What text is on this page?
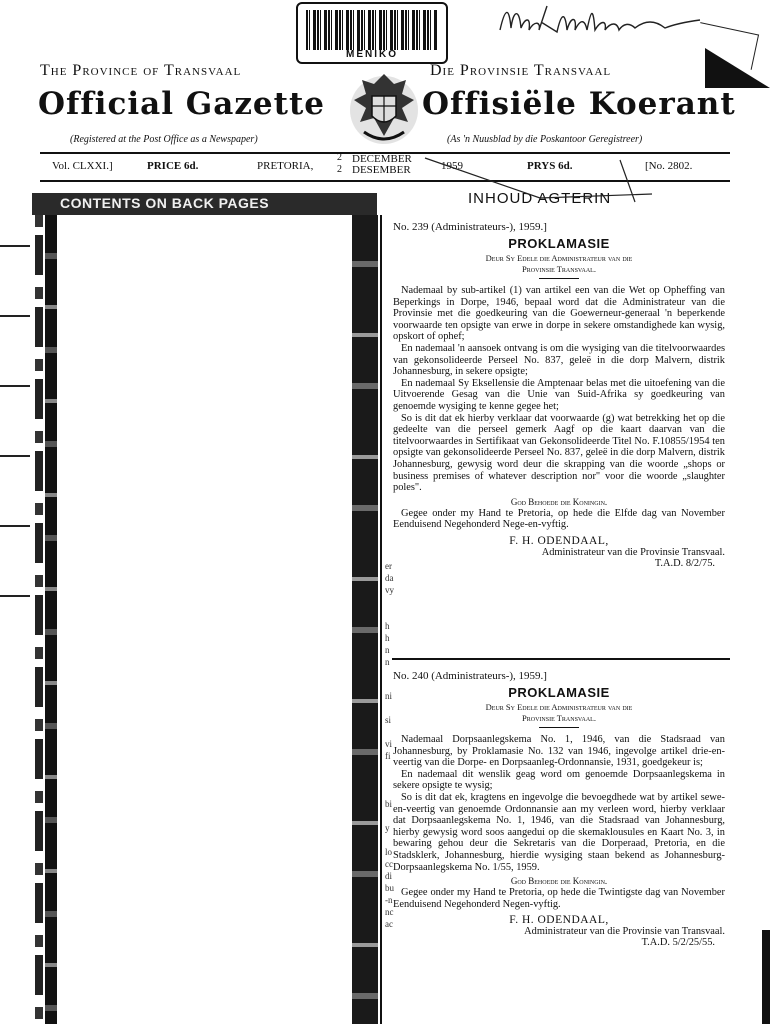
MENIKO
The Province of Transvaal	Die Provinsie Transvaal
Official Gazette	Offisiële Koerant
(Registered at the Post Office as a Newspaper)	(As 'n Nuusblad by die Poskantoor Geregistreer)
Vol. CLXXI.]	PRICE 6d.	PRETORIA,
2
2
DECEMBER
DESEMBER	1959	PRYS 6d.	[No. 2802.
CONTENTS ON BACK PAGES	INHOUD AGTERIN
er
da
vy
h
h
n
n
ni
si
vi
fi
bi
y
lo
cc
di
bu
-n
nc
ac
No. 239 (Administrateurs-), 1959.]
PROKLAMASIE
Deur Sy Edele die Administrateur van die
Provinsie Transvaal.

Nademaal by sub-artikel (1) van artikel een van die Wet op Opheffing van Beperkings in Dorpe, 1946, bepaal word dat die Administrateur van die Provinsie met die goedkeuring van die Goewerneur-generaal 'n beperkende voorwaarde ten opsigte van erwe in dorpe in sekere omstandighede kan wysig, opskort of ophef;

En nademaal 'n aansoek ontvang is om die wysiging van die titelvoorwaardes van gekonsolideerde Perseel No. 837, geleë in die dorp Malvern, distrik Johannesburg, in sekere opsigte;

En nademaal Sy Eksellensie die Amptenaar belas met die uitoefening van die Uitvoerende Gesag van die Unie van Suid-Afrika sy goedkeuring van genoemde wysiging te kenne gegee het;

So is dit dat ek hierby verklaar dat voorwaarde (g) wat betrekking het op die gedeelte van die perseel gemerk Aagf op die kaart daarvan van die titelvoorwaardes in Sertifikaat van Gekonsolideerde Titel No. F.10855/1954 ten opsigte van gekonsolideerde Perseel No. 837, geleë in die dorp Malvern, distrik Johannesburg, gewysig word deur die skrapping van die woorde „shops or business premises of whatever description nor" voor die woorde „slaughter poles".

God Behoede die Koningin.

Gegee onder my Hand te Pretoria, op hede die Elfde dag van November Eenduisend Negehonderd Nege-en-vyftig.

F. H. ODENDAAL,
Administrateur van die Provinsie Transvaal.
T.A.D. 8/2/75.
No. 240 (Administrateurs-), 1959.]
PROKLAMASIE
Deur Sy Edele die Administrateur van die
Provinsie Transvaal.

Nademaal Dorpsaanlegskema No. 1, 1946, van die Stadsraad van Johannesburg, by Proklamasie No. 132 van 1946, ingevolge artikel drie-en-veertig van die Dorpe- en Dorpsaanleg-Ordonnansie, 1931, goedgekeur is;

En nademaal dit wenslik geag word om genoemde Dorpsaanlegskema in sekere opsigte te wysig;

So is dit dat ek, kragtens en ingevolge die bevoegdhede wat by artikel sewe-en-veertig van genoemde Ordonnansie aan my verleen word, hierby verklaar dat Dorpsaanlegskema No. 1, 1946, van die Stadsraad van Johannesburg, hierby gewysig word soos aangedui op die skemaklousules en Kaart No. 3, in bewaring gehou deur die Sekretaris van die Dorperaad, Pretoria, en die Stadsklerk, Johannesburg, hierdie wysiging staan bekend as Johannesburg-Dorpsaanlegskema No. 1/55, 1959.

God Behoede die Koningin.

Gegee onder my Hand te Pretoria, op hede die Twintigste dag van November Eenduisend Negehonderd Negen-vyftig.

F. H. ODENDAAL,
Administrateur van die Provinsie van Transvaal.
T.A.D. 5/2/25/55.
